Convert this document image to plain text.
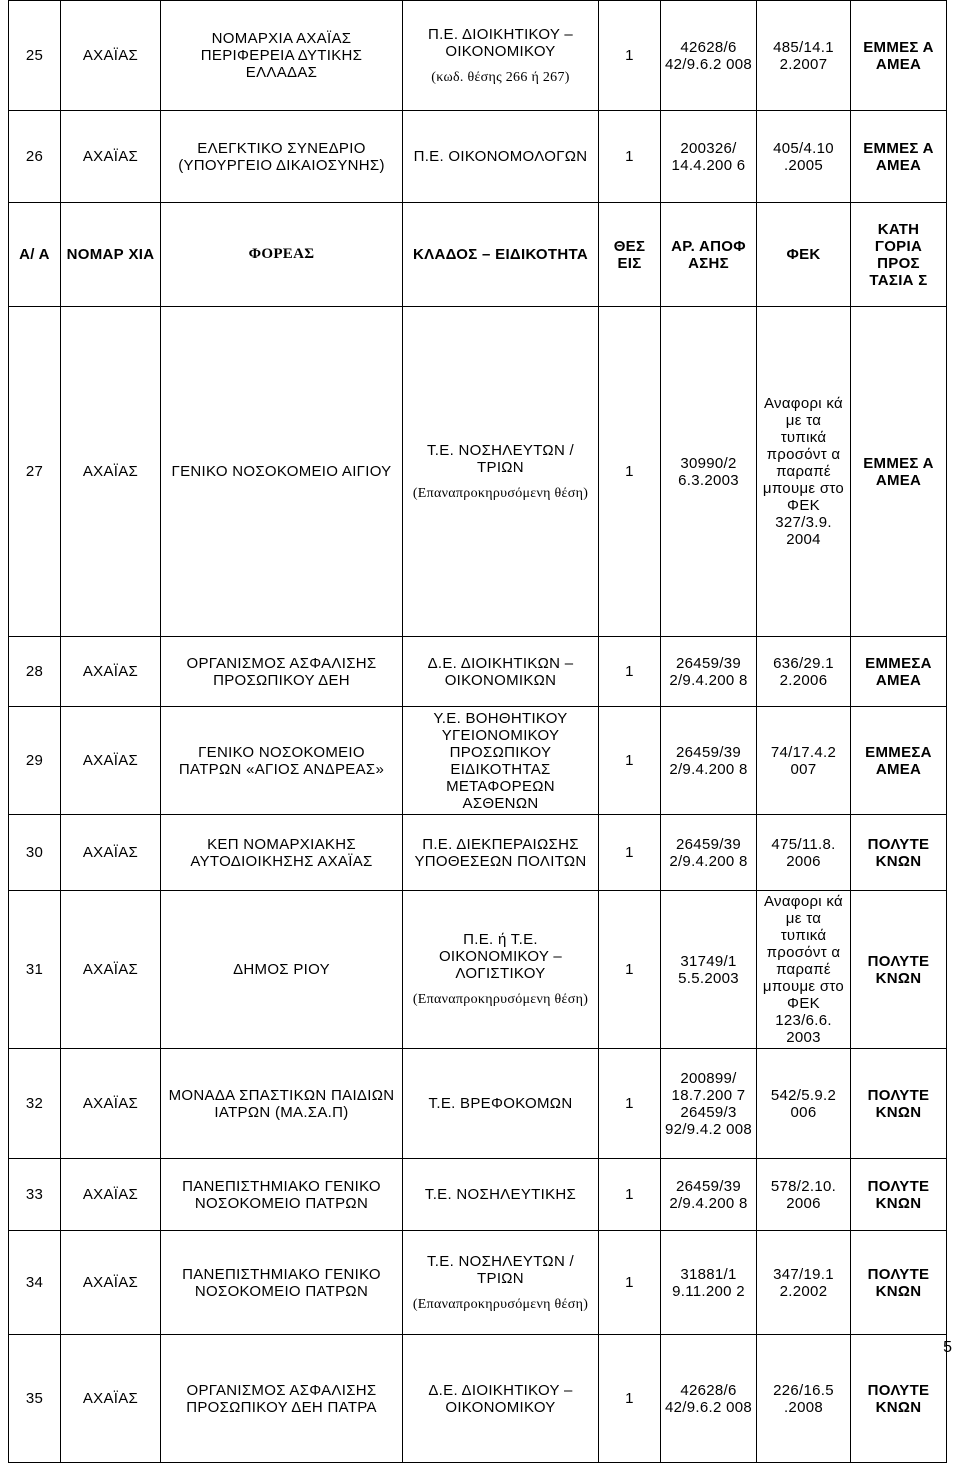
25	ΑΧΑΪΑΣ	ΝΟΜΑΡΧΙΑ ΑΧΑΪΑΣ ΠΕΡΙΦΕΡΕΙΑ ΔΥΤΙΚΗΣ ΕΛΛΑΔΑΣ	Π.Ε. ΔΙΟΙΚΗΤΙΚΟΥ – ΟΙΚΟΝΟΜΙΚΟΥ
(κωδ. θέσης 266 ή 267)	1	42628/6 42/9.6.2 008	485/14.1 2.2007	ΕΜΜΕΣ Α ΑΜΕΑ
26	ΑΧΑΪΑΣ	ΕΛΕΓΚΤΙΚΟ ΣΥΝΕΔΡΙΟ (ΥΠΟΥΡΓΕΙΟ ΔΙΚΑΙΟΣΥΝΗΣ)	Π.Ε. ΟΙΚΟΝΟΜΟΛΟΓΩΝ	1	200326/ 14.4.200 6	405/4.10 .2005	ΕΜΜΕΣ Α ΑΜΕΑ
Α/ Α	ΝΟΜΑΡ ΧΙΑ	ΦΟΡΕΑΣ	ΚΛΑΔΟΣ – ΕΙΔΙΚΟΤΗΤΑ	ΘΕΣ ΕΙΣ	ΑΡ. ΑΠΟΦ ΑΣΗΣ	ΦΕΚ	ΚΑΤΗ ΓΟΡΙΑ ΠΡΟΣ ΤΑΣΙΑ Σ
27	ΑΧΑΪΑΣ	ΓΕΝΙΚΟ ΝΟΣΟΚΟΜΕΙΟ ΑΙΓΙΟΥ	Τ.Ε. ΝΟΣΗΛΕΥΤΩΝ / ΤΡΙΩΝ
(Επαναπροκηρυσόμενη θέση)	1	30990/2 6.3.2003	Αναφορι κά με τα τυπικά προσόντ α παραπέ μπουμε στο ΦΕΚ 327/3.9. 2004	ΕΜΜΕΣ Α ΑΜΕΑ
28	ΑΧΑΪΑΣ	ΟΡΓΑΝΙΣΜΟΣ ΑΣΦΑΛΙΣΗΣ ΠΡΟΣΩΠΙΚΟΥ ΔΕΗ	Δ.Ε. ΔΙΟΙΚΗΤΙΚΩΝ – ΟΙΚΟΝΟΜΙΚΩΝ	1	26459/39 2/9.4.200 8	636/29.1 2.2006	ΕΜΜΕΣΑ ΑΜΕΑ
29	ΑΧΑΪΑΣ	ΓΕΝΙΚΟ ΝΟΣΟΚΟΜΕΙΟ ΠΑΤΡΩΝ «ΑΓΙΟΣ ΑΝΔΡΕΑΣ»	Υ.Ε. ΒΟΗΘΗΤΙΚΟΥ ΥΓΕΙΟΝΟΜΙΚΟΥ ΠΡΟΣΩΠΙΚΟΥ ΕΙΔΙΚΟΤΗΤΑΣ ΜΕΤΑΦΟΡΕΩΝ ΑΣΘΕΝΩΝ	1	26459/39 2/9.4.200 8	74/17.4.2 007	ΕΜΜΕΣΑ ΑΜΕΑ
30	ΑΧΑΪΑΣ	ΚΕΠ ΝΟΜΑΡΧΙΑΚΗΣ ΑΥΤΟΔΙΟΙΚΗΣΗΣ ΑΧΑΪΑΣ	Π.Ε. ΔΙΕΚΠΕΡΑΙΩΣΗΣ ΥΠΟΘΕΣΕΩΝ ΠΟΛΙΤΩΝ	1	26459/39 2/9.4.200 8	475/11.8. 2006	ΠΟΛΥΤΕ ΚΝΩΝ
31	ΑΧΑΪΑΣ	ΔΗΜΟΣ ΡΙΟΥ	Π.Ε. ή Τ.Ε. ΟΙΚΟΝΟΜΙΚΟΥ – ΛΟΓΙΣΤΙΚΟΥ
(Επαναπροκηρυσόμενη θέση)	1	31749/1 5.5.2003	Αναφορι κά με τα τυπικά προσόντ α παραπέ μπουμε στο ΦΕΚ 123/6.6. 2003	ΠΟΛΥΤΕ ΚΝΩΝ
32	ΑΧΑΪΑΣ	ΜΟΝΑΔΑ ΣΠΑΣΤΙΚΩΝ ΠΑΙΔΙΩΝ ΙΑΤΡΩΝ (ΜΑ.ΣΑ.Π)	Τ.Ε. ΒΡΕΦΟΚΟΜΩΝ	1	200899/ 18.7.200 7 26459/3 92/9.4.2 008	542/5.9.2 006	ΠΟΛΥΤΕ ΚΝΩΝ
33	ΑΧΑΪΑΣ	ΠΑΝΕΠΙΣΤΗΜΙΑΚΟ ΓΕΝΙΚΟ ΝΟΣΟΚΟΜΕΙΟ ΠΑΤΡΩΝ	Τ.Ε. ΝΟΣΗΛΕΥΤΙΚΗΣ	1	26459/39 2/9.4.200 8	578/2.10. 2006	ΠΟΛΥΤΕ ΚΝΩΝ
34	ΑΧΑΪΑΣ	ΠΑΝΕΠΙΣΤΗΜΙΑΚΟ ΓΕΝΙΚΟ ΝΟΣΟΚΟΜΕΙΟ ΠΑΤΡΩΝ	Τ.Ε. ΝΟΣΗΛΕΥΤΩΝ / ΤΡΙΩΝ
(Επαναπροκηρυσόμενη θέση)	1	31881/1 9.11.200 2	347/19.1 2.2002	ΠΟΛΥΤΕ ΚΝΩΝ
35	ΑΧΑΪΑΣ	ΟΡΓΑΝΙΣΜΟΣ ΑΣΦΑΛΙΣΗΣ ΠΡΟΣΩΠΙΚΟΥ ΔΕΗ ΠΑΤΡΑ	Δ.Ε. ΔΙΟΙΚΗΤΙΚΟΥ – ΟΙΚΟΝΟΜΙΚΟΥ	1	42628/6 42/9.6.2 008	226/16.5 .2008	ΠΟΛΥΤΕ ΚΝΩΝ
5
